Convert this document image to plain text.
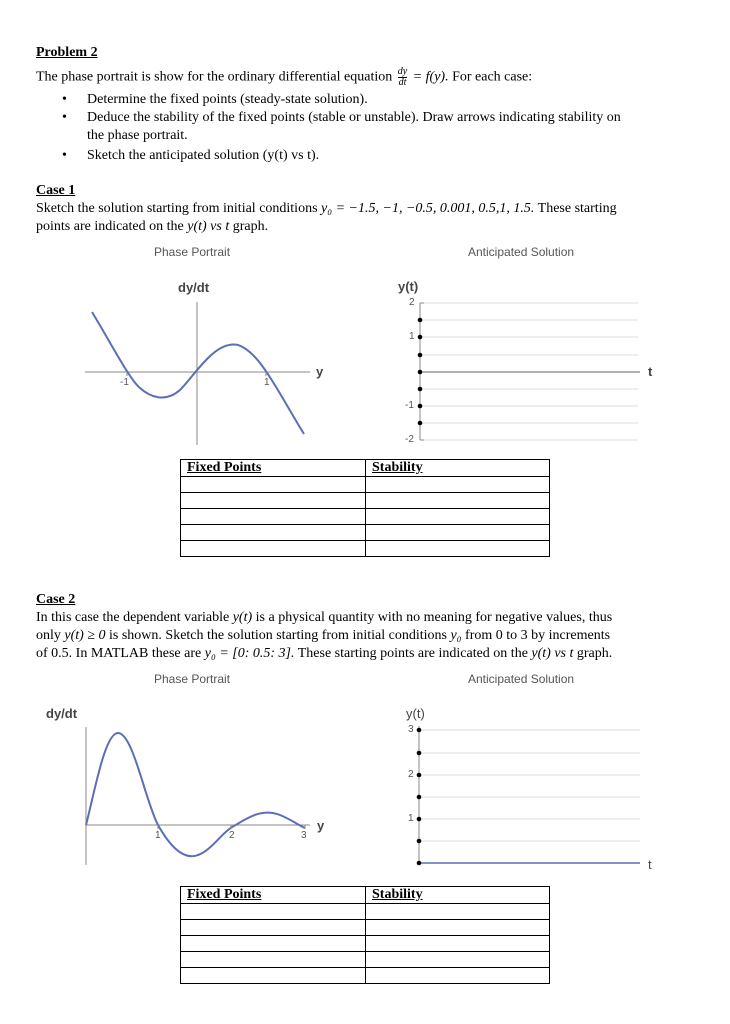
Problem 2
The phase portrait is show for the ordinary differential equation $\frac{dy}{dt} = f(y)$. For each case:
• Determine the fixed points (steady-state solution).
• Deduce the stability of the fixed points (stable or unstable). Draw arrows indicating stability on
the phase portrait.
• Sketch the anticipated solution (y(t) vs t).
Case 1
Sketch the solution starting from initial conditions y₀ = −1.5, −1, −0.5, 0.001, 0.5,1, 1.5. These starting
points are indicated on the y(t) vs t graph.
Phase Portrait	Anticipated Solution
dy/dt
-1	1
y
y(t)
2
1
-1
-2
t
Fixed Points	Stability

Case 2
In this case the dependent variable y(t) is a physical quantity with no meaning for negative values, thus
only y(t) ≥ 0 is shown. Sketch the solution starting from initial conditions y₀ from 0 to 3 by increments
of 0.5. In MATLAB these are y₀ = [0: 0.5: 3]. These starting points are indicated on the y(t) vs t graph.
Phase Portrait	Anticipated Solution
dy/dt
1	2	3
y
y(t)
3
2
1
t
Fixed Points	Stability
